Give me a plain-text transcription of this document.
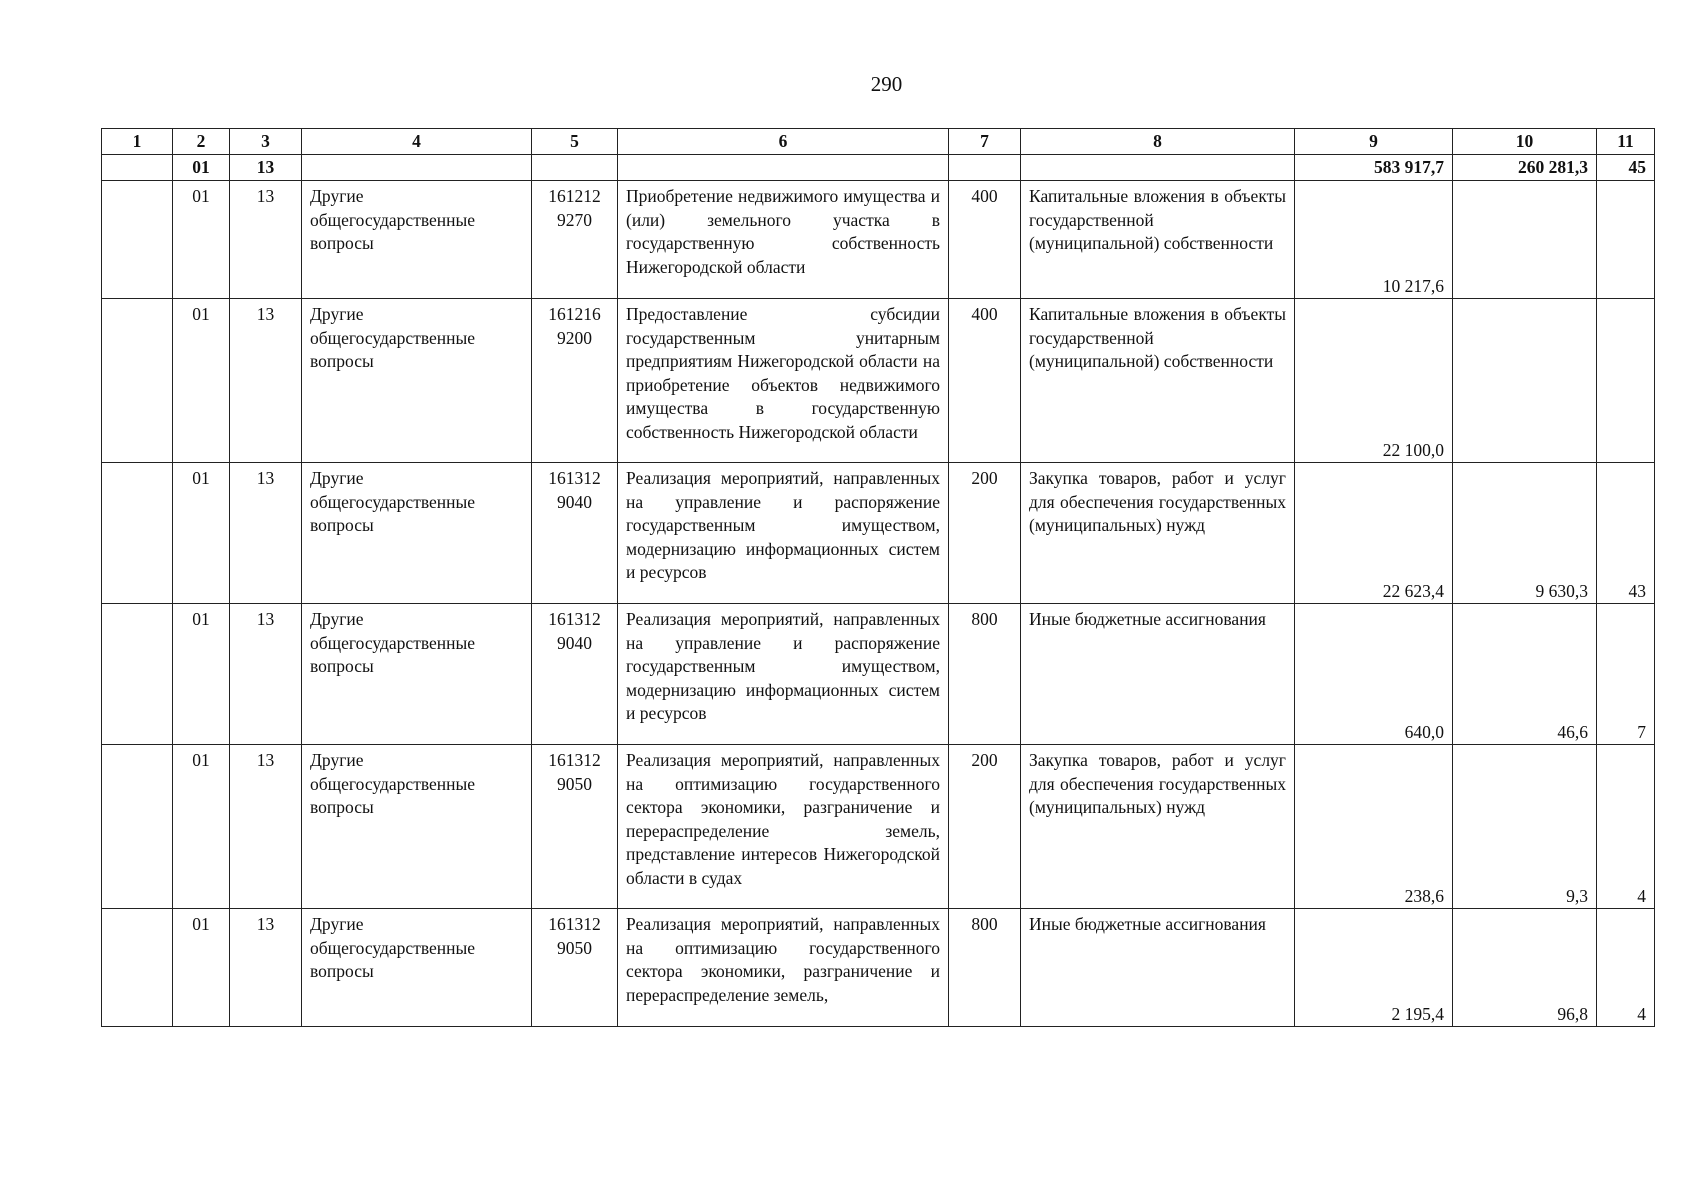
290
1	2	3	4	5	6	7	8	9	10	11
	01	13						583 917,7	260 281,3	45
	01	13	Другие общегосударственные вопросы	161212 9270	Приобретение недвижимого имущества и (или) земельного участка в государственную собственность Нижегородской области	400	Капитальные вложения в объекты государственной (муниципальной) собственности	10 217,6		
	01	13	Другие общегосударственные вопросы	161216 9200	Предоставление субсидии государственным унитарным предприятиям Нижегородской области на приобретение объектов недвижимого имущества в государственную собственность Нижегородской области	400	Капитальные вложения в объекты государственной (муниципальной) собственности	22 100,0		
	01	13	Другие общегосударственные вопросы	161312 9040	Реализация мероприятий, направленных на управление и распоряжение государственным имуществом, модернизацию информационных систем и ресурсов	200	Закупка товаров, работ и услуг для обеспечения государственных (муниципальных) нужд	22 623,4	9 630,3	43
	01	13	Другие общегосударственные вопросы	161312 9040	Реализация мероприятий, направленных на управление и распоряжение государственным имуществом, модернизацию информационных систем и ресурсов	800	Иные бюджетные ассигнования	640,0	46,6	7
	01	13	Другие общегосударственные вопросы	161312 9050	Реализация мероприятий, направленных на оптимизацию государственного сектора экономики, разграничение и перераспределение земель, представление интересов Нижегородской области в судах	200	Закупка товаров, работ и услуг для обеспечения государственных (муниципальных) нужд	238,6	9,3	4
	01	13	Другие общегосударственные вопросы	161312 9050	Реализация мероприятий, направленных на оптимизацию государственного сектора экономики, разграничение и перераспределение земель,	800	Иные бюджетные ассигнования	2 195,4	96,8	4
